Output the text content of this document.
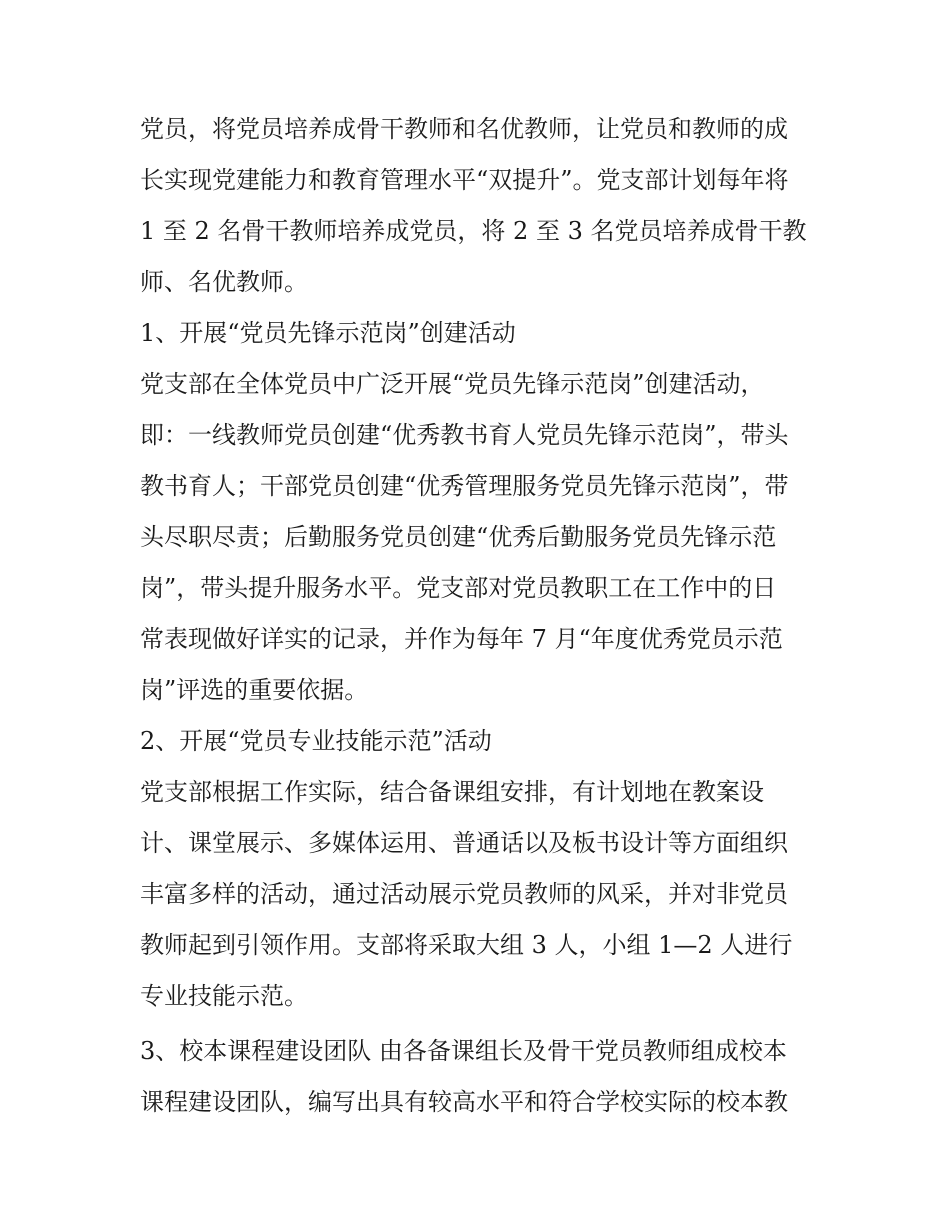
党员，将党员培养成骨干教师和名优教师，让党员和教师的成
长实现党建能力和教育管理水平“双提升”。党支部计划每年将
1 至 2 名骨干教师培养成党员，将 2 至 3 名党员培养成骨干教
师、名优教师。
1、开展“党员先锋示范岗”创建活动
党支部在全体党员中广泛开展“党员先锋示范岗”创建活动，
即：一线教师党员创建“优秀教书育人党员先锋示范岗”，带头
教书育人；干部党员创建“优秀管理服务党员先锋示范岗”，带
头尽职尽责；后勤服务党员创建“优秀后勤服务党员先锋示范
岗”，带头提升服务水平。党支部对党员教职工在工作中的日
常表现做好详实的记录，并作为每年 7 月“年度优秀党员示范
岗”评选的重要依据。
2、开展“党员专业技能示范”活动
党支部根据工作实际，结合备课组安排，有计划地在教案设
计、课堂展示、多媒体运用、普通话以及板书设计等方面组织
丰富多样的活动，通过活动展示党员教师的风采，并对非党员
教师起到引领作用。支部将采取大组 3 人，小组 1—2 人进行
专业技能示范。
3、校本课程建设团队 由各备课组长及骨干党员教师组成校本
课程建设团队，编写出具有较高水平和符合学校实际的校本教
